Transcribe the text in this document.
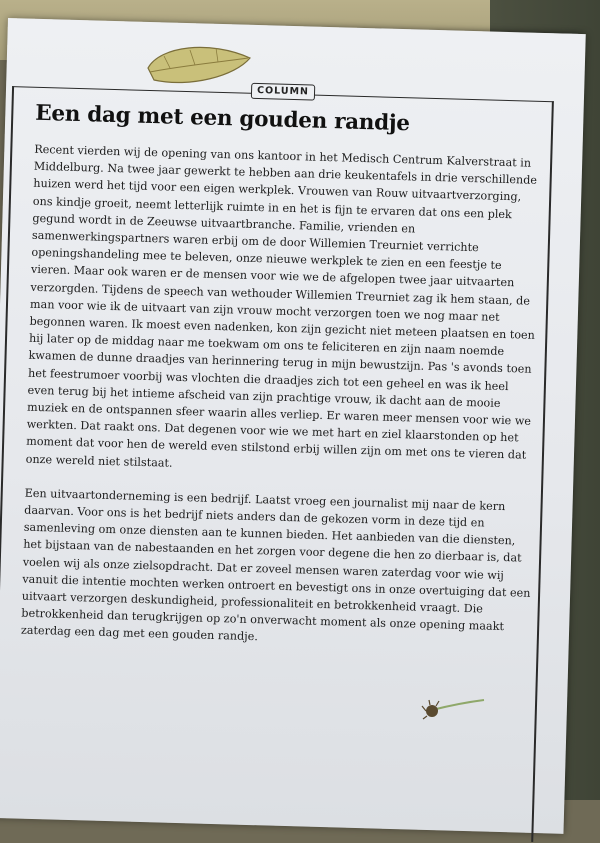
COLUMN
Een dag met een gouden randje

Recent vierden wij de opening van ons kantoor in het Medisch Centrum Kalverstraat in Middelburg. Na twee jaar gewerkt te hebben aan drie keukentafels in drie verschillende huizen werd het tijd voor een eigen werkplek. Vrouwen van Rouw uitvaartverzorging, ons kindje groeit, neemt letterlijk ruimte in en het is fijn te ervaren dat ons een plek gegund wordt in de Zeeuwse uitvaartbranche. Familie, vrienden en samenwerkingspartners waren erbij om de door Willemien Treurniet verrichte openingshandeling mee te beleven, onze nieuwe werkplek te zien en een feestje te vieren. Maar ook waren er de mensen voor wie we de afgelopen twee jaar uitvaarten verzorgden. Tijdens de speech van wethouder Willemien Treurniet zag ik hem staan, de man voor wie ik de uitvaart van zijn vrouw mocht verzorgen toen we nog maar net begonnen waren. Ik moest even nadenken, kon zijn gezicht niet meteen plaatsen en toen hij later op de middag naar me toekwam om ons te feliciteren en zijn naam noemde kwamen de dunne draadjes van herinnering terug in mijn bewustzijn. Pas 's avonds toen het feestrumoer voorbij was vlochten die draadjes zich tot een geheel en was ik heel even terug bij het intieme afscheid van zijn prachtige vrouw, ik dacht aan de mooie muziek en de ontspannen sfeer waarin alles verliep. Er waren meer mensen voor wie we werkten. Dat raakt ons. Dat degenen voor wie we met hart en ziel klaarstonden op het moment dat voor hen de wereld even stilstond erbij willen zijn om met ons te vieren dat onze wereld niet stilstaat.

Een uitvaartonderneming is een bedrijf. Laatst vroeg een journalist mij naar de kern daarvan. Voor ons is het bedrijf niets anders dan de gekozen vorm in deze tijd en samenleving om onze diensten aan te kunnen bieden. Het aanbieden van die diensten, het bijstaan van de nabestaanden en het zorgen voor degene die hen zo dierbaar is, dat voelen wij als onze zielsopdracht. Dat er zoveel mensen waren zaterdag voor wie wij vanuit die intentie mochten werken ontroert en bevestigt ons in onze overtuiging dat een uitvaart verzorgen deskundigheid, professionaliteit en betrokkenheid vraagt. Die betrokkenheid dan terugkrijgen op zo'n onverwacht moment als onze opening maakt zaterdag een dag met een gouden randje.
